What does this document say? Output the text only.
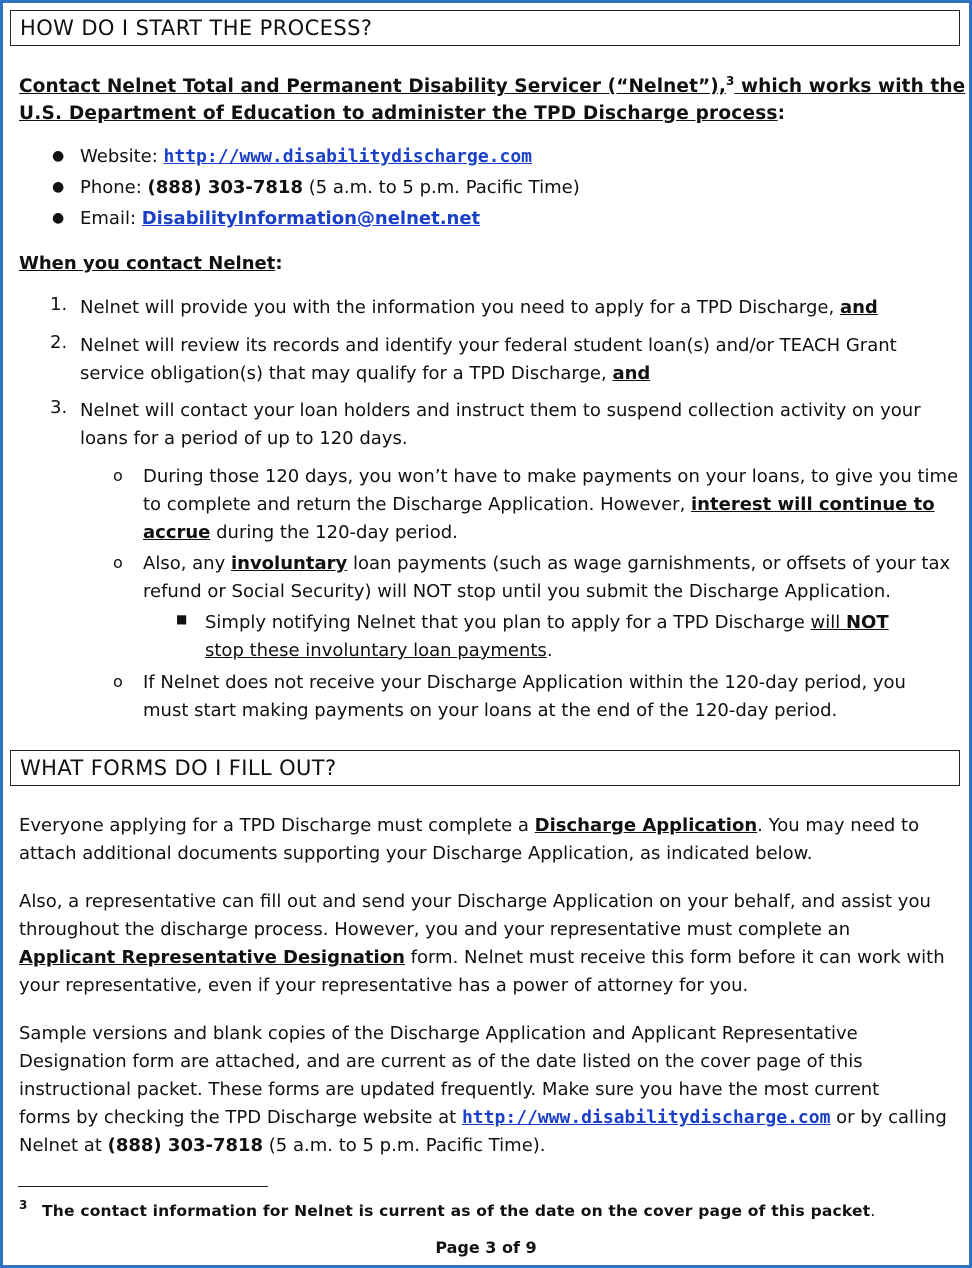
HOW DO I START THE PROCESS?
Contact Nelnet Total and Permanent Disability Servicer (“Nelnet”),$^3$ which works with the
U.S. Department of Education to administer the TPD Discharge process:
● Website: http://www.disabilitydischarge.com
● Phone: (888) 303-7818 (5 a.m. to 5 p.m. Pacific Time)
● Email: DisabilityInformation@nelnet.net
When you contact Nelnet:
1. Nelnet will provide you with the information you need to apply for a TPD Discharge, and
2. Nelnet will review its records and identify your federal student loan(s) and/or TEACH Grant
service obligation(s) that may qualify for a TPD Discharge, and
3. Nelnet will contact your loan holders and instruct them to suspend collection activity on your
loans for a period of up to 120 days.
o During those 120 days, you won’t have to make payments on your loans, to give you time
to complete and return the Discharge Application. However, interest will continue to
accrue during the 120-day period.
o Also, any involuntary loan payments (such as wage garnishments, or offsets of your tax
refund or Social Security) will NOT stop until you submit the Discharge Application.
■ Simply notifying Nelnet that you plan to apply for a TPD Discharge will NOT
stop these involuntary loan payments.
o If Nelnet does not receive your Discharge Application within the 120-day period, you
must start making payments on your loans at the end of the 120-day period.
WHAT FORMS DO I FILL OUT?
Everyone applying for a TPD Discharge must complete a Discharge Application. You may need to
attach additional documents supporting your Discharge Application, as indicated below.
Also, a representative can fill out and send your Discharge Application on your behalf, and assist you
throughout the discharge process. However, you and your representative must complete an
Applicant Representative Designation form. Nelnet must receive this form before it can work with
your representative, even if your representative has a power of attorney for you.
Sample versions and blank copies of the Discharge Application and Applicant Representative
Designation form are attached, and are current as of the date listed on the cover page of this
instructional packet. These forms are updated frequently. Make sure you have the most current
forms by checking the TPD Discharge website at http://www.disabilitydischarge.com or by calling
Nelnet at (888) 303-7818 (5 a.m. to 5 p.m. Pacific Time).
3 The contact information for Nelnet is current as of the date on the cover page of this packet.
Page 3 of 9
